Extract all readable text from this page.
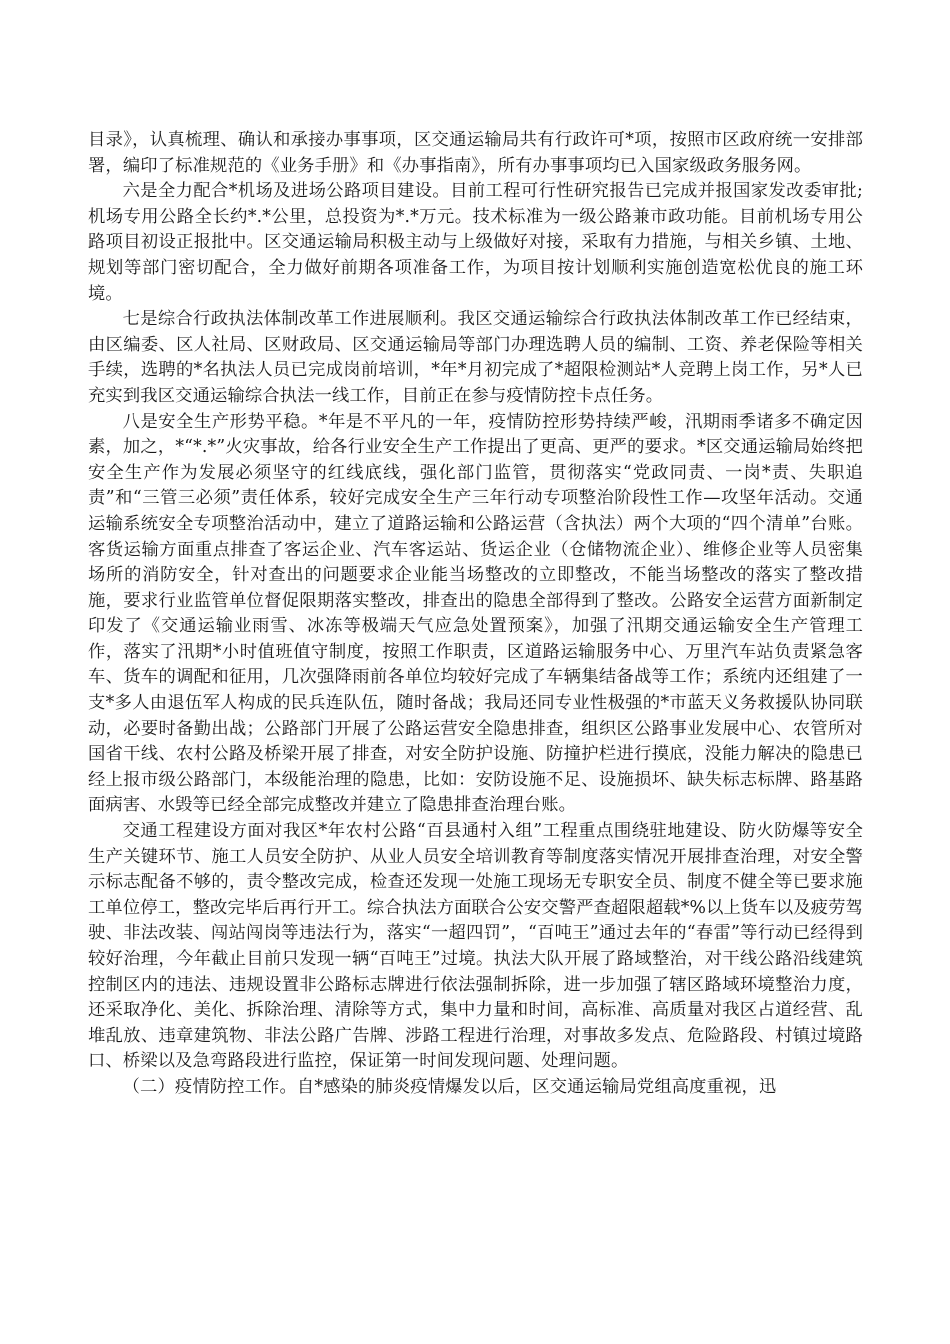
目录》，认真梳理、确认和承接办事事项，区交通运输局共有行政许可*项，按照市区政府统一安排部署，编印了标准规范的《业务手册》和《办事指南》，所有办事事项均已入国家级政务服务网。

六是全力配合*机场及进场公路项目建设。目前工程可行性研究报告已完成并报国家发改委审批;机场专用公路全长约*.*公里，总投资为*.*万元。技术标准为一级公路兼市政功能。目前机场专用公路项目初设正报批中。区交通运输局积极主动与上级做好对接，采取有力措施，与相关乡镇、土地、规划等部门密切配合，全力做好前期各项准备工作，为项目按计划顺利实施创造宽松优良的施工环境。

七是综合行政执法体制改革工作进展顺利。我区交通运输综合行政执法体制改革工作已经结束，由区编委、区人社局、区财政局、区交通运输局等部门办理选聘人员的编制、工资、养老保险等相关手续，选聘的*名执法人员已完成岗前培训，*年*月初完成了*超限检测站*人竞聘上岗工作，另*人已充实到我区交通运输综合执法一线工作，目前正在参与疫情防控卡点任务。

八是安全生产形势平稳。*年是不平凡的一年，疫情防控形势持续严峻，汛期雨季诸多不确定因素，加之，*“*.*”火灾事故，给各行业安全生产工作提出了更高、更严的要求。*区交通运输局始终把安全生产作为发展必须坚守的红线底线，强化部门监管，贯彻落实“党政同责、一岗*责、失职追责”和“三管三必须”责任体系，较好完成安全生产三年行动专项整治阶段性工作—攻坚年活动。交通运输系统安全专项整治活动中，建立了道路运输和公路运营（含执法）两个大项的“四个清单”台账。客货运输方面重点排查了客运企业、汽车客运站、货运企业（仓储物流企业）、维修企业等人员密集场所的消防安全，针对查出的问题要求企业能当场整改的立即整改，不能当场整改的落实了整改措施，要求行业监管单位督促限期落实整改，排查出的隐患全部得到了整改。公路安全运营方面新制定印发了《交通运输业雨雪、冰冻等极端天气应急处置预案》，加强了汛期交通运输安全生产管理工作，落实了汛期*小时值班值守制度，按照工作职责，区道路运输服务中心、万里汽车站负责紧急客车、货车的调配和征用，几次强降雨前各单位均较好完成了车辆集结备战等工作；系统内还组建了一支*多人由退伍军人构成的民兵连队伍，随时备战；我局还同专业性极强的*市蓝天义务救援队协同联动，必要时备勤出战；公路部门开展了公路运营安全隐患排查，组织区公路事业发展中心、农管所对国省干线、农村公路及桥梁开展了排查，对安全防护设施、防撞护栏进行摸底，没能力解决的隐患已经上报市级公路部门，本级能治理的隐患，比如：安防设施不足、设施损坏、缺失标志标牌、路基路面病害、水毁等已经全部完成整改并建立了隐患排查治理台账。

交通工程建设方面对我区*年农村公路“百县通村入组”工程重点围绕驻地建设、防火防爆等安全生产关键环节、施工人员安全防护、从业人员安全培训教育等制度落实情况开展排查治理，对安全警示标志配备不够的，责令整改完成，检查还发现一处施工现场无专职安全员、制度不健全等已要求施工单位停工，整改完毕后再行开工。综合执法方面联合公安交警严查超限超载*%以上货车以及疲劳驾驶、非法改装、闯站闯岗等违法行为，落实“一超四罚”，“百吨王”通过去年的“春雷”等行动已经得到较好治理，今年截止目前只发现一辆“百吨王”过境。执法大队开展了路域整治，对干线公路沿线建筑控制区内的违法、违规设置非公路标志牌进行依法强制拆除，进一步加强了辖区路域环境整治力度，还采取净化、美化、拆除治理、清除等方式，集中力量和时间，高标准、高质量对我区占道经营、乱堆乱放、违章建筑物、非法公路广告牌、涉路工程进行治理，对事故多发点、危险路段、村镇过境路口、桥梁以及急弯路段进行监控，保证第一时间发现问题、处理问题。

（二）疫情防控工作。自*感染的肺炎疫情爆发以后，区交通运输局党组高度重视，迅
